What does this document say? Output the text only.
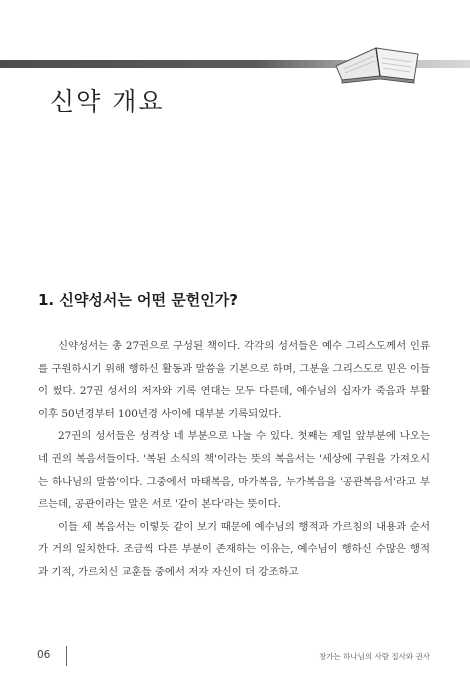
신약 개요
1. 신약성서는 어떤 문헌인가?

신약성서는 총 27권으로 구성된 책이다. 각각의 성서들은 예수 그리스도께서 인류를 구원하시기 위해 행하신 활동과 말씀을 기본으로 하며, 그분을 그리스도로 믿은 이들이 썼다. 27권 성서의 저자와 기록 연대는 모두 다른데, 예수님의 십자가 죽음과 부활 이후 50년경부터 100년경 사이에 대부분 기록되었다.

27권의 성서들은 성격상 네 부분으로 나눌 수 있다. 첫째는 제일 앞부분에 나오는 네 권의 복음서들이다. '복된 소식의 책'이라는 뜻의 복음서는 '세상에 구원을 가져오시는 하나님의 말씀'이다. 그중에서 마태복음, 마가복음, 누가복음을 '공관복음서'라고 부르는데, 공관이라는 말은 서로 '같이 본다'라는 뜻이다.

이들 세 복음서는 이렇듯 같이 보기 때문에 예수님의 행적과 가르침의 내용과 순서가 거의 일치한다. 조금씩 다른 부분이 존재하는 이유는, 예수님이 행하신 수많은 행적과 기적, 가르치신 교훈들 중에서 저자 자신이 더 강조하고

06	창가는 하나님의 사람 집사와 권사
